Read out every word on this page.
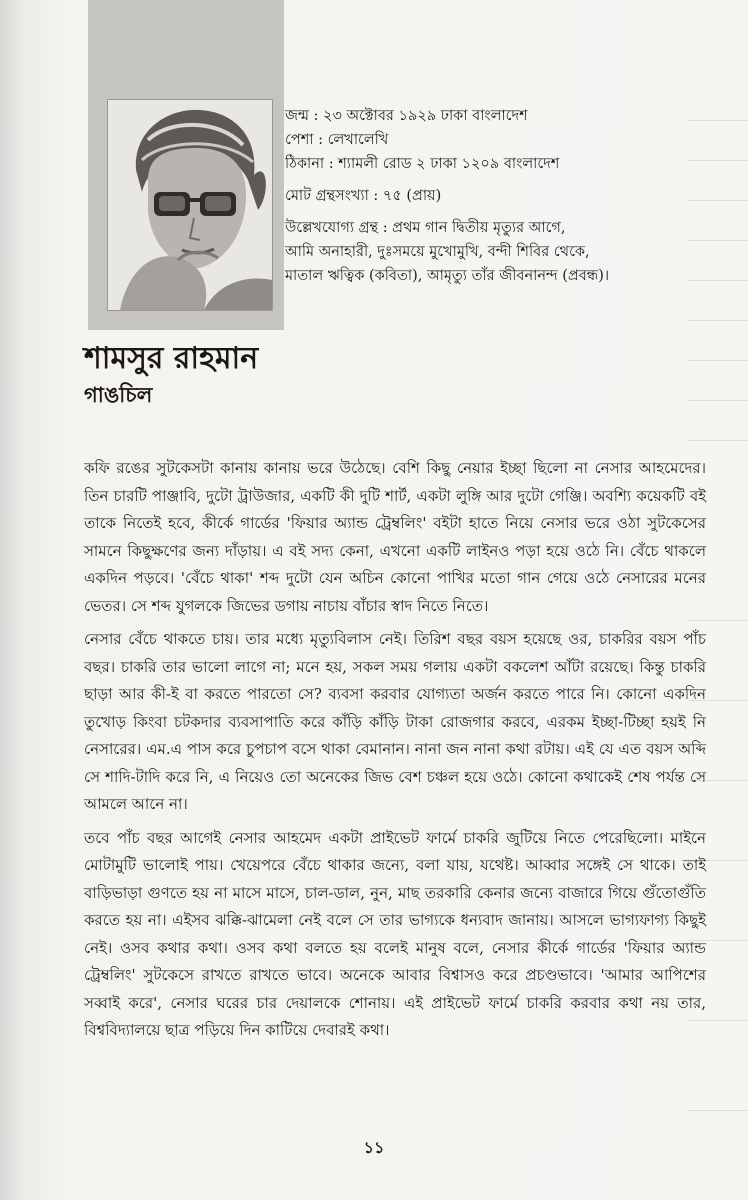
জন্ম : ২৩ অক্টোবর ১৯২৯ ঢাকা বাংলাদেশ
পেশা : লেখালেখি
ঠিকানা : শ্যামলী রোড ২ ঢাকা ১২০৯ বাংলাদেশ
মোট গ্রন্থসংখ্যা : ৭৫ (প্রায়)
উল্লেখযোগ্য গ্রন্থ : প্রথম গান দ্বিতীয় মৃত্যুর আগে,
আমি অনাহারী, দুঃসময়ে মুখোমুখি, বন্দী শিবির থেকে,
মাতাল ঋত্বিক (কবিতা), আমৃত্যু তাঁর জীবনানন্দ (প্রবন্ধ)।
শামসুর রাহমান
গাঙচিল

কফি রঙের সুটকেসটা কানায় কানায় ভরে উঠেছে। বেশি কিছু নেয়ার ইচ্ছা ছিলো না নেসার আহমেদের। তিন চারটি পাঞ্জাবি, দুটো ট্রাউজার, একটি কী দুটি শার্ট, একটা লুঙ্গি আর দুটো গেঞ্জি। অবশ্যি কয়েকটি বই তাকে নিতেই হবে, কীর্কে গার্ডের 'ফিয়ার অ্যান্ড ট্রেম্বলিং' বইটা হাতে নিয়ে নেসার ভরে ওঠা সুটকেসের সামনে কিছুক্ষণের জন্য দাঁড়ায়। এ বই সদ্য কেনা, এখনো একটি লাইনও পড়া হয়ে ওঠে নি। বেঁচে থাকলে একদিন পড়বে। 'বেঁচে থাকা' শব্দ দুটো যেন অচিন কোনো পাখির মতো গান গেয়ে ওঠে নেসারের মনের ভেতর। সে শব্দ যুগলকে জিভের ডগায় নাচায় বাঁচার স্বাদ নিতে নিতে।

নেসার বেঁচে থাকতে চায়। তার মধ্যে মৃত্যুবিলাস নেই। তিরিশ বছর বয়স হয়েছে ওর, চাকরির বয়স পাঁচ বছর। চাকরি তার ভালো লাগে না; মনে হয়, সকল সময় গলায় একটা বকলেশ আঁটা রয়েছে। কিন্তু চাকরি ছাড়া আর কী-ই বা করতে পারতো সে? ব্যবসা করবার যোগ্যতা অর্জন করতে পারে নি। কোনো একদিন তুখোড় কিংবা চটকদার ব্যবসাপাতি করে কাঁড়ি কাঁড়ি টাকা রোজগার করবে, এরকম ইচ্ছা-টিচ্ছা হয়ই নি নেসারের। এম.এ পাস করে চুপচাপ বসে থাকা বেমানান। নানা জন নানা কথা রটায়। এই যে এত বয়স অব্দি সে শাদি-টাদি করে নি, এ নিয়েও তো অনেকের জিভ বেশ চঞ্চল হয়ে ওঠে। কোনো কথাকেই শেষ পর্যন্ত সে আমলে আনে না।

তবে পাঁচ বছর আগেই নেসার আহমেদ একটা প্রাইভেট ফার্মে চাকরি জুটিয়ে নিতে পেরেছিলো। মাইনে মোটামুটি ভালোই পায়। খেয়েপরে বেঁচে থাকার জন্যে, বলা যায়, যথেষ্ট। আব্বার সঙ্গেই সে থাকে। তাই বাড়িভাড়া গুণতে হয় না মাসে মাসে, চাল-ডাল, নুন, মাছ তরকারি কেনার জন্যে বাজারে গিয়ে গুঁতোগুঁতি করতে হয় না। এইসব ঝক্কি-ঝামেলা নেই বলে সে তার ভাগ্যকে ধন্যবাদ জানায়। আসলে ভাগ্যফাগ্য কিছুই নেই। ওসব কথার কথা। ওসব কথা বলতে হয় বলেই মানুষ বলে, নেসার কীর্কে গার্ডের 'ফিয়ার অ্যান্ড ট্রেম্বলিং' সুটকেসে রাখতে রাখতে ভাবে। অনেকে আবার বিশ্বাসও করে প্রচণ্ডভাবে। 'আমার আপিশের সব্বাই করে', নেসার ঘরের চার দেয়ালকে শোনায়। এই প্রাইভেট ফার্মে চাকরি করবার কথা নয় তার, বিশ্ববিদ্যালয়ে ছাত্র পড়িয়ে দিন কাটিয়ে দেবারই কথা।

১১
